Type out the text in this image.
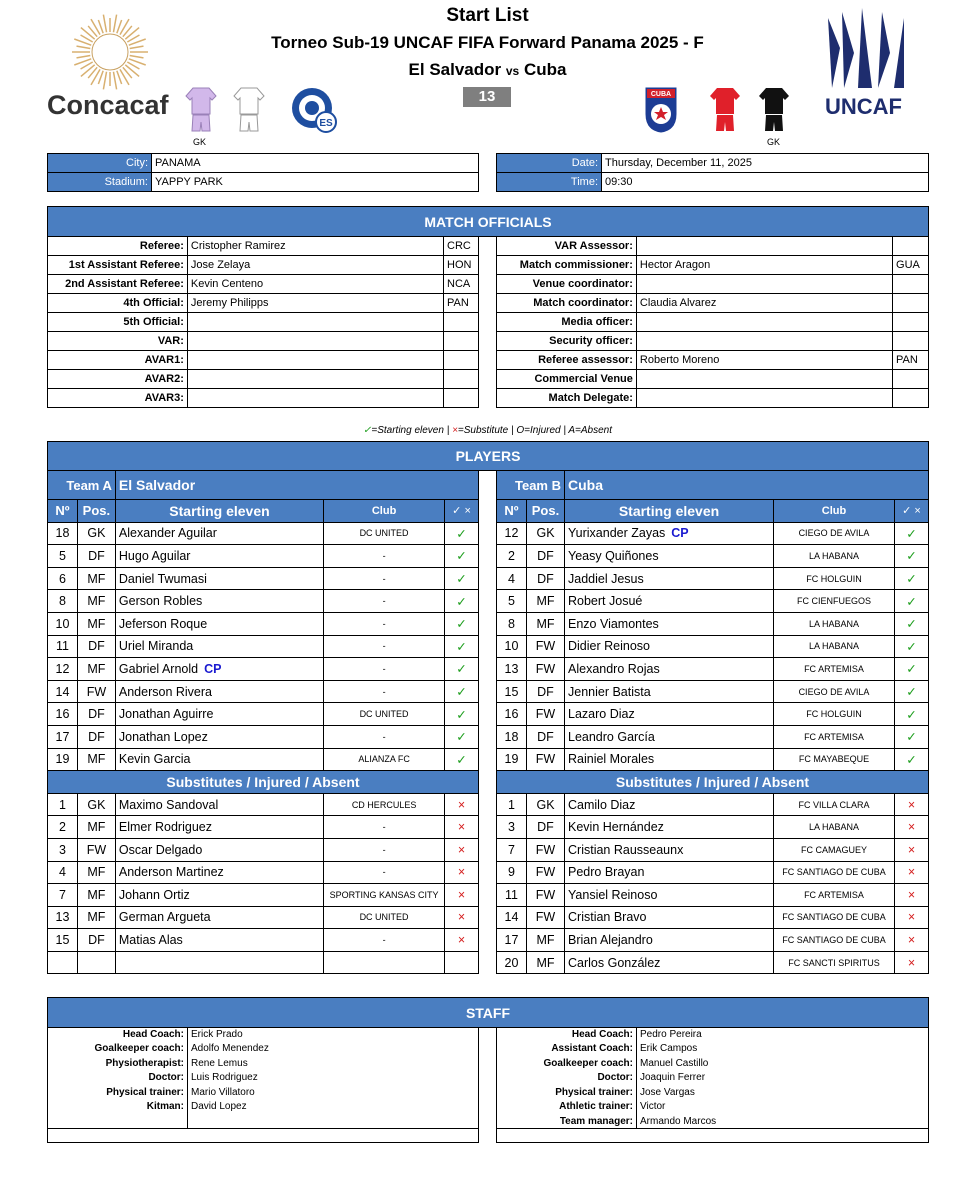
Start List
Torneo Sub-19 UNCAF FIFA Forward Panama 2025 - F
El Salvador vs Cuba
13
Concacaf
GK
ES
CUBA
GK
UNCAF
City:	PANAMA
Stadium:	YAPPY PARK
Date:	Thursday, December 11, 2025
Time:	09:30
MATCH OFFICIALS
Referee:	Cristopher Ramirez	CRC
1st Assistant Referee:	Jose Zelaya	HON
2nd Assistant Referee:	Kevin Centeno	NCA
4th Official:	Jeremy Philipps	PAN
5th Official:		
VAR:		
AVAR1:		
AVAR2:		
AVAR3:		
VAR Assessor:		
Match commissioner:	Hector Aragon	GUA
Venue coordinator:		
Match coordinator:	Claudia Alvarez	
Media officer:		
Security officer:		
Referee assessor:	Roberto Moreno	PAN
Commercial Venue		
Match Delegate:		
✓=Starting eleven | ×=Substitute | O=Injured | A=Absent
PLAYERS
Team A		El Salvador		
Nº	Pos.	Starting eleven	Club	✓ ×
18	GK	Alexander Aguilar	DC UNITED	✓
5	DF	Hugo Aguilar	-	✓
6	MF	Daniel Twumasi	-	✓
8	MF	Gerson Robles	-	✓
10	MF	Jeferson Roque	-	✓
11	DF	Uriel Miranda	-	✓
12	MF	Gabriel Arnold CP	-	✓
14	FW	Anderson Rivera	-	✓
16	DF	Jonathan Aguirre	DC UNITED	✓
17	DF	Jonathan Lopez	-	✓
19	MF	Kevin Garcia	ALIANZA FC	✓
Substitutes / Injured / Absent				
1	GK	Maximo Sandoval	CD HERCULES	×
2	MF	Elmer Rodriguez	-	×
3	FW	Oscar Delgado	-	×
4	MF	Anderson Martinez	-	×
7	MF	Johann Ortiz	SPORTING KANSAS CITY	×
13	MF	German Argueta	DC UNITED	×
15	DF	Matias Alas	-	×

Team B		Cuba		
Nº	Pos.	Starting eleven	Club	✓ ×
12	GK	Yurixander Zayas CP	CIEGO DE AVILA	✓
2	DF	Yeasy Quiñones	LA HABANA	✓
4	DF	Jaddiel Jesus	FC HOLGUIN	✓
5	MF	Robert Josué	FC CIENFUEGOS	✓
8	MF	Enzo Viamontes	LA HABANA	✓
10	FW	Didier Reinoso	LA HABANA	✓
13	FW	Alexandro Rojas	FC ARTEMISA	✓
15	DF	Jennier Batista	CIEGO DE AVILA	✓
16	FW	Lazaro Diaz	FC HOLGUIN	✓
18	DF	Leandro García	FC ARTEMISA	✓
19	FW	Rainiel Morales	FC MAYABEQUE	✓
Substitutes / Injured / Absent				
1	GK	Camilo Diaz	FC VILLA CLARA	×
3	DF	Kevin Hernández	LA HABANA	×
7	FW	Cristian Rausseaunx	FC CAMAGUEY	×
9	FW	Pedro Brayan	FC SANTIAGO DE CUBA	×
11	FW	Yansiel Reinoso	FC ARTEMISA	×
14	FW	Cristian Bravo	FC SANTIAGO DE CUBA	×
17	MF	Brian Alejandro	FC SANTIAGO DE CUBA	×
20	MF	Carlos González	FC SANCTI SPIRITUS	×
STAFF
Head Coach:	Erick Prado
Goalkeeper coach:	Adolfo Menendez
Physiotherapist:	Rene Lemus
Doctor:	Luis Rodriguez
Physical trainer:	Mario Villatoro
Kitman:	David Lopez

Head Coach:	Pedro Pereira
Assistant Coach:	Erik Campos
Goalkeeper coach:	Manuel Castillo
Doctor:	Joaquin Ferrer
Physical trainer:	Jose Vargas
Athletic trainer:	Victor
Team manager:	Armando Marcos
